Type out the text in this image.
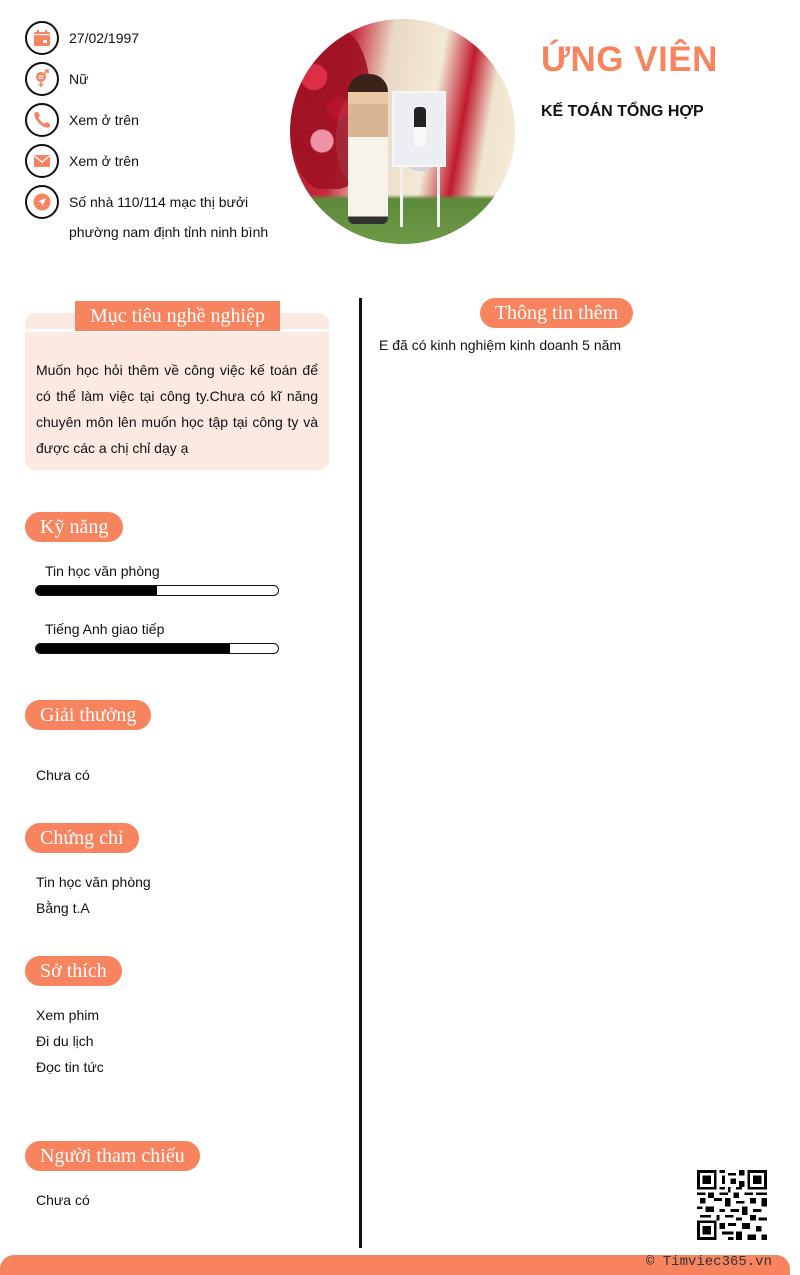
27/02/1997
Nữ
Xem ở trên
Xem ở trên
Số nhà 110/114 mạc thị bưởi
phường nam định tỉnh ninh bình
ỨNG VIÊN
KẾ TOÁN TỔNG HỢP
Mục tiêu nghề nghiệp
Muốn học hỏi thêm về công việc kế toán để có thể làm việc tại công ty.Chưa có kĩ năng chuyên môn lên muốn học tập tại công ty và được các a chị chỉ dạy ạ
Thông tin thêm
E đã có kinh nghiệm kinh doanh 5 năm
Kỹ năng
Tin học văn phòng
Tiếng Anh giao tiếp
Giải thưởng
Chưa có
Chứng chỉ
Tin học văn phòng
Bằng t.A
Sở thích
Xem phim
Đi du lịch
Đọc tin tức
Người tham chiếu
Chưa có
© Timviec365.vn
